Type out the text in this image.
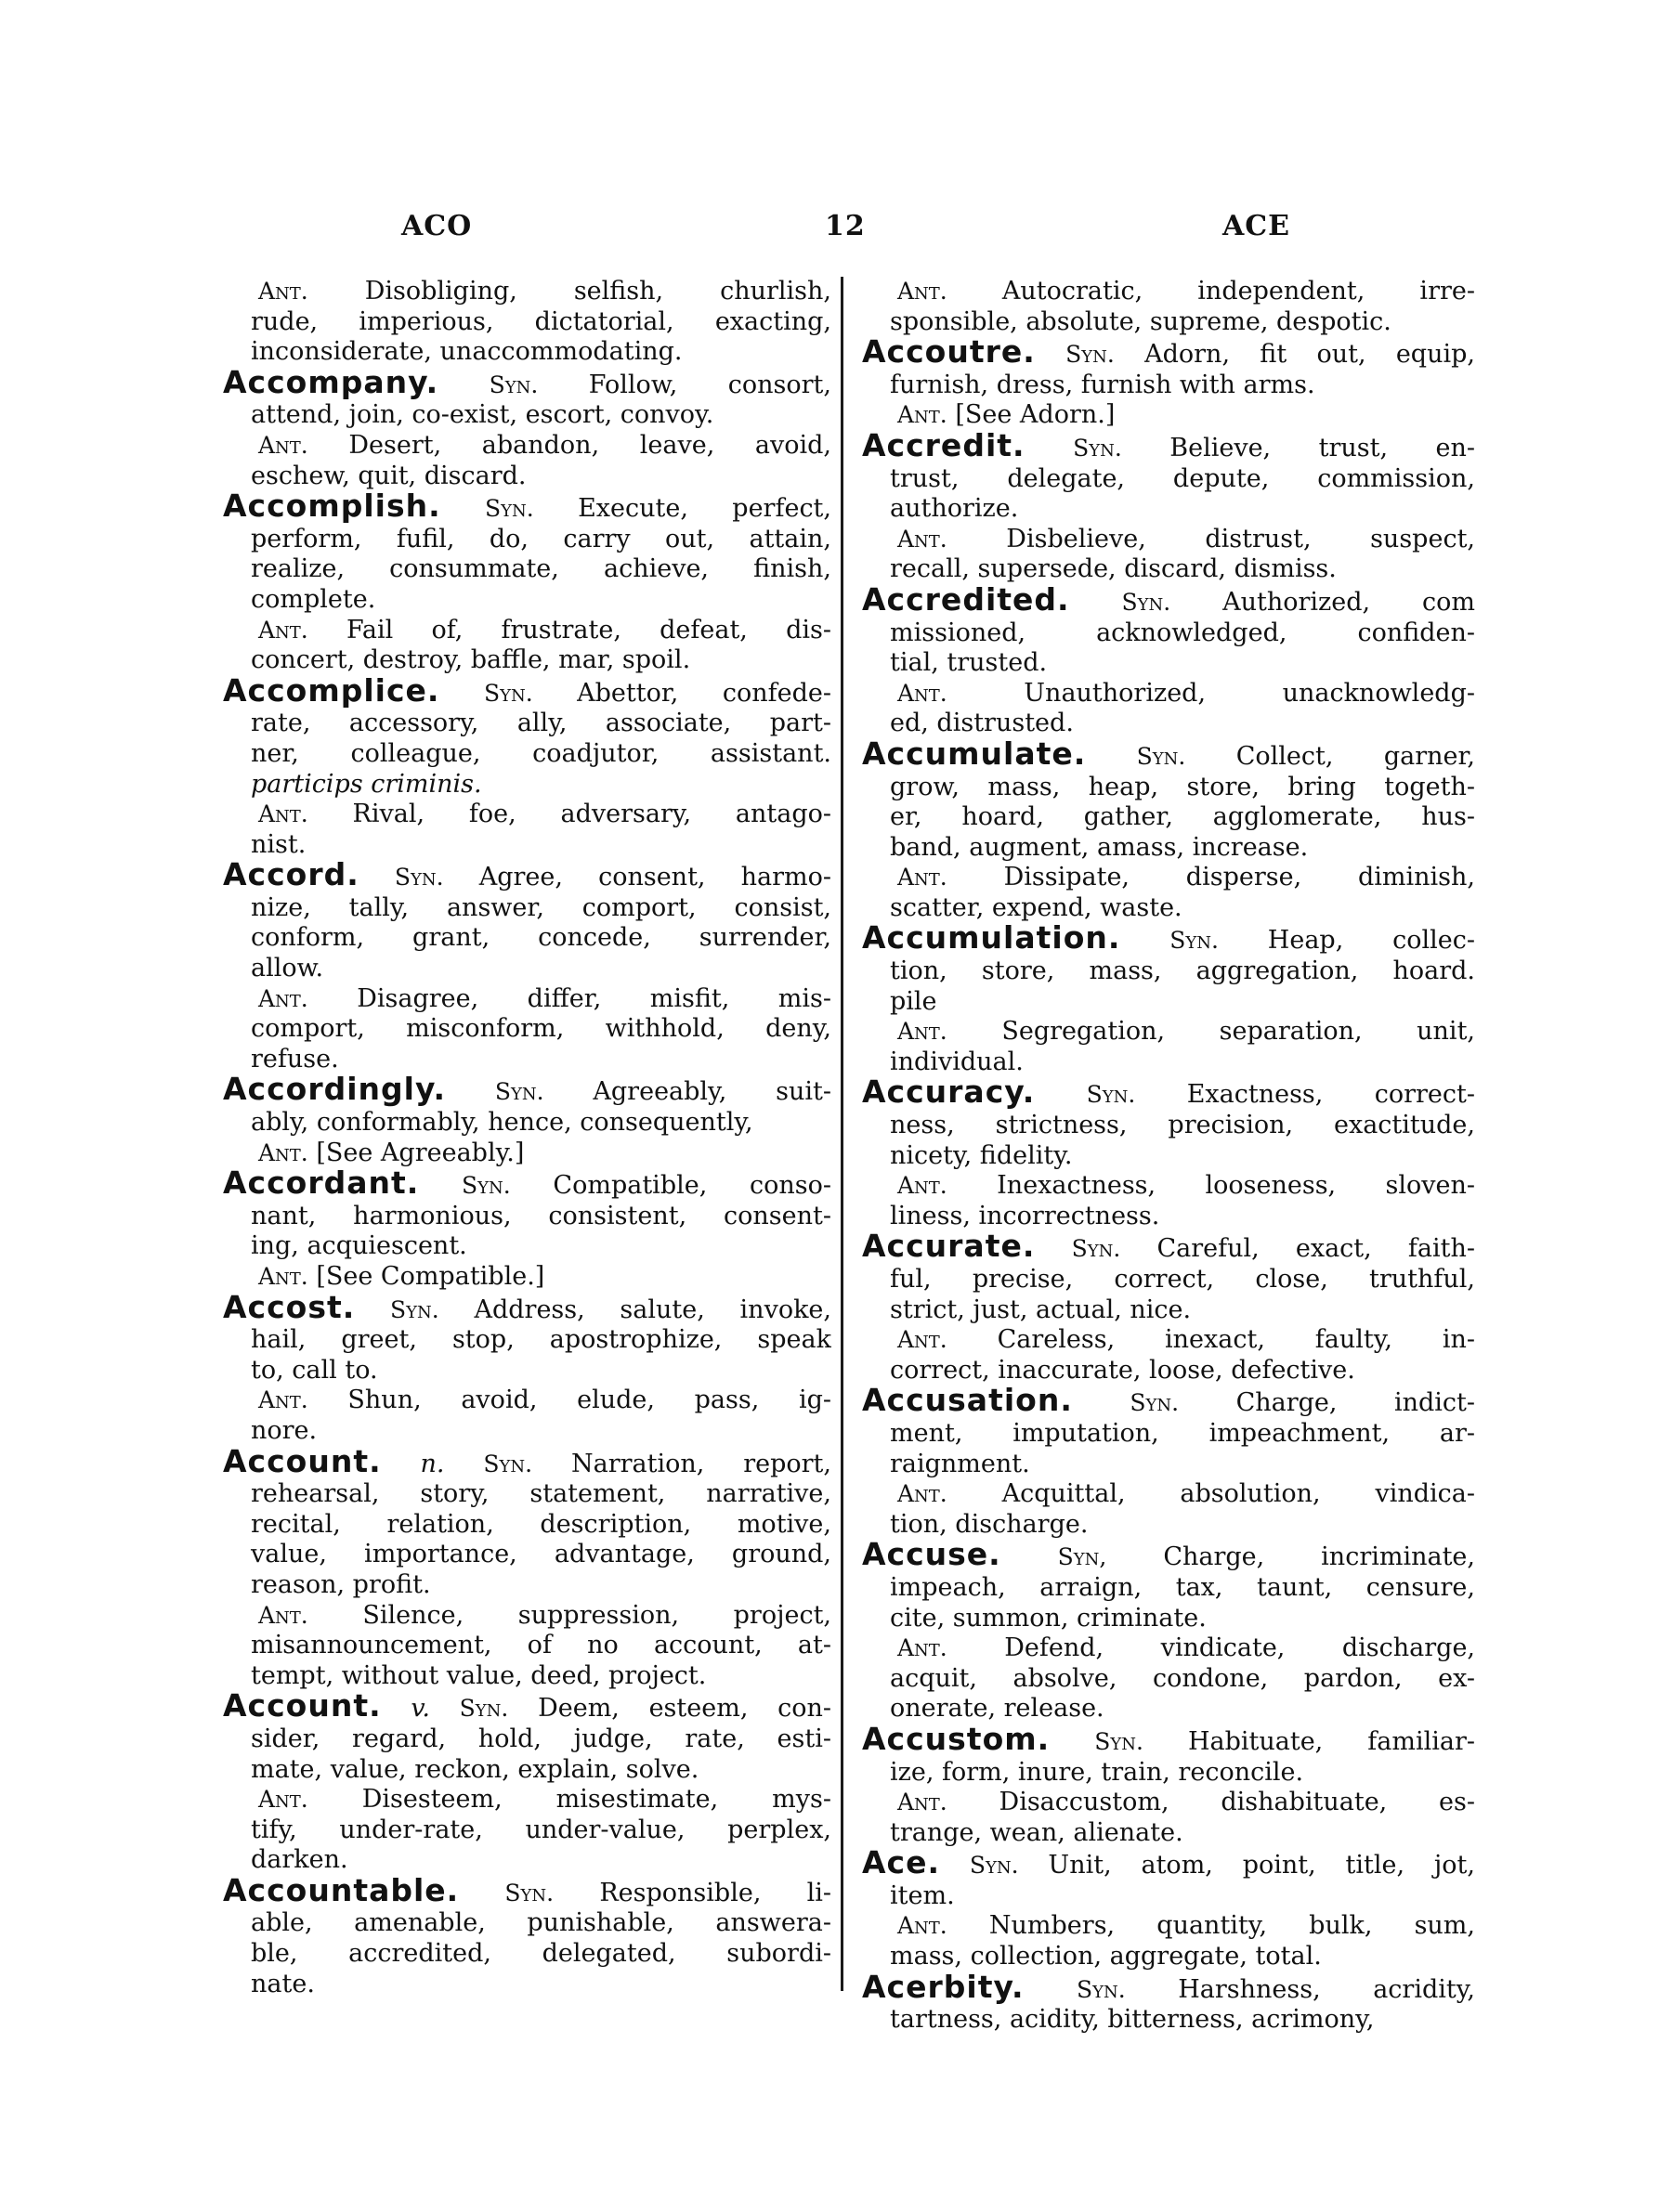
ACO	12	ACE
Ant. Disobliging, selfish, churlish,
rude, imperious, dictatorial, exacting,
inconsiderate, unaccommodating.
Accompany. Syn. Follow, consort,
attend, join, co-exist, escort, convoy.
Ant. Desert, abandon, leave, avoid,
eschew, quit, discard.
Accomplish. Syn. Execute, perfect,
perform, fufil, do, carry out, attain,
realize, consummate, achieve, finish,
complete.
Ant. Fail of, frustrate, defeat, dis-
concert, destroy, baffle, mar, spoil.
Accomplice. Syn. Abettor, confede-
rate, accessory, ally, associate, part-
ner, colleague, coadjutor, assistant.
particips criminis.
Ant. Rival, foe, adversary, antago-
nist.
Accord. Syn. Agree, consent, harmo-
nize, tally, answer, comport, consist,
conform, grant, concede, surrender,
allow.
Ant. Disagree, differ, misfit, mis-
comport, misconform, withhold, deny,
refuse.
Accordingly. Syn. Agreeably, suit-
ably, conformably, hence, consequently,
Ant. [See Agreeably.]
Accordant. Syn. Compatible, conso-
nant, harmonious, consistent, consent-
ing, acquiescent.
Ant. [See Compatible.]
Accost. Syn. Address, salute, invoke,
hail, greet, stop, apostrophize, speak
to, call to.
Ant. Shun, avoid, elude, pass, ig-
nore.
Account. n. Syn. Narration, report,
rehearsal, story, statement, narrative,
recital, relation, description, motive,
value, importance, advantage, ground,
reason, profit.
Ant. Silence, suppression, project,
misannouncement, of no account, at-
tempt, without value, deed, project.
Account. v. Syn. Deem, esteem, con-
sider, regard, hold, judge, rate, esti-
mate, value, reckon, explain, solve.
Ant. Disesteem, misestimate, mys-
tify, under-rate, under-value, perplex,
darken.
Accountable. Syn. Responsible, li-
able, amenable, punishable, answera-
ble, accredited, delegated, subordi-
nate.
Ant. Autocratic, independent, irre-
sponsible, absolute, supreme, despotic.
Accoutre. Syn. Adorn, fit out, equip,
furnish, dress, furnish with arms.
Ant. [See Adorn.]
Accredit. Syn. Believe, trust, en-
trust, delegate, depute, commission,
authorize.
Ant. Disbelieve, distrust, suspect,
recall, supersede, discard, dismiss.
Accredited. Syn. Authorized, com
missioned, acknowledged, confiden-
tial, trusted.
Ant. Unauthorized, unacknowledg-
ed, distrusted.
Accumulate. Syn. Collect, garner,
grow, mass, heap, store, bring togeth-
er, hoard, gather, agglomerate, hus-
band, augment, amass, increase.
Ant. Dissipate, disperse, diminish,
scatter, expend, waste.
Accumulation. Syn. Heap, collec-
tion, store, mass, aggregation, hoard.
pile
Ant. Segregation, separation, unit,
individual.
Accuracy. Syn. Exactness, correct-
ness, strictness, precision, exactitude,
nicety, fidelity.
Ant. Inexactness, looseness, sloven-
liness, incorrectness.
Accurate. Syn. Careful, exact, faith-
ful, precise, correct, close, truthful,
strict, just, actual, nice.
Ant. Careless, inexact, faulty, in-
correct, inaccurate, loose, defective.
Accusation. Syn. Charge, indict-
ment, imputation, impeachment, ar-
raignment.
Ant. Acquittal, absolution, vindica-
tion, discharge.
Accuse. Syn, Charge, incriminate,
impeach, arraign, tax, taunt, censure,
cite, summon, criminate.
Ant. Defend, vindicate, discharge,
acquit, absolve, condone, pardon, ex-
onerate, release.
Accustom. Syn. Habituate, familiar-
ize, form, inure, train, reconcile.
Ant. Disaccustom, dishabituate, es-
trange, wean, alienate.
Ace. Syn. Unit, atom, point, title, jot,
item.
Ant. Numbers, quantity, bulk, sum,
mass, collection, aggregate, total.
Acerbity. Syn. Harshness, acridity,
tartness, acidity, bitterness, acrimony,
